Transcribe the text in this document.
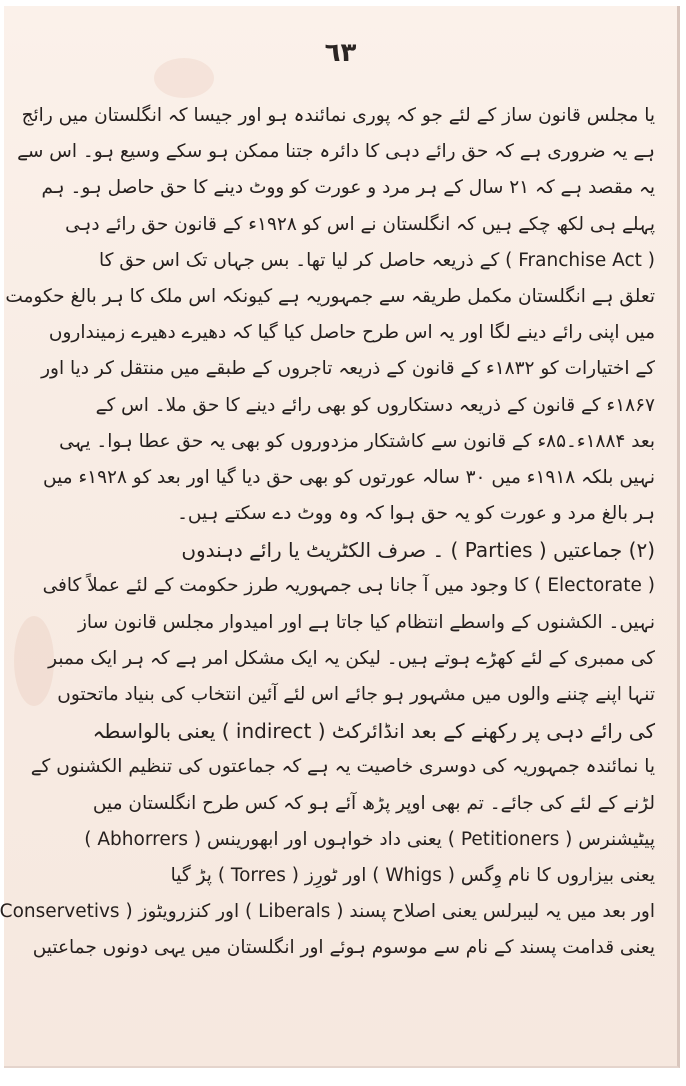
٦٣
یا مجلس قانون ساز کے لئے جو کہ پوری نمائندہ ہو اور جیسا کہ انگلستان میں رائج
ہے یہ ضروری ہے کہ حق رائے دہی کا دائرہ جتنا ممکن ہو سکے وسیع ہو۔ اس سے
یہ مقصد ہے کہ ۲۱ سال کے ہر مرد و عورت کو ووٹ دینے کا حق حاصل ہو۔ ہم
پہلے ہی لکھ چکے ہیں کہ انگلستان نے اس کو ۱۹۲۸ء کے قانون حق رائے دہی
( Franchise Act ) کے ذریعہ حاصل کر لیا تھا۔ بس جہاں تک اس حق کا
تعلق ہے انگلستان مکمل طریقہ سے جمہوریہ ہے کیونکہ اس ملک کا ہر بالغ حکومت
میں اپنی رائے دینے لگا اور یہ اس طرح حاصل کیا گیا کہ دھیرے دھیرے زمینداروں
کے اختیارات کو ۱۸۳۲ء کے قانون کے ذریعہ تاجروں کے طبقے میں منتقل کر دیا اور
۱۸۶۷ء کے قانون کے ذریعہ دستکاروں کو بھی رائے دینے کا حق ملا۔ اس کے
بعد ۱۸۸۴ء۔۸۵ء کے قانون سے کاشتکار مزدوروں کو بھی یہ حق عطا ہوا۔ یہی
نہیں بلکہ ۱۹۱۸ء میں ۳۰ سالہ عورتوں کو بھی حق دیا گیا اور بعد کو ۱۹۲۸ء میں
ہر بالغ مرد و عورت کو یہ حق ہوا کہ وہ ووٹ دے سکتے ہیں۔
(۲) جماعتیں ( Parties ) ۔ صرف الکٹریٹ یا رائے دہندوں
( Electorate ) کا وجود میں آ جانا ہی جمہوریہ طرز حکومت کے لئے عملاً کافی
نہیں۔ الکشنوں کے واسطے انتظام کیا جاتا ہے اور امیدوار مجلس قانون ساز
کی ممبری کے لئے کھڑے ہوتے ہیں۔ لیکن یہ ایک مشکل امر ہے کہ ہر ایک ممبر
تنہا اپنے چننے والوں میں مشہور ہو جائے اس لئے آئین انتخاب کی بنیاد ماتحتوں
کی رائے دہی پر رکھنے کے بعد انڈائرکٹ ( indirect ) یعنی بالواسطہ
یا نمائندہ جمہوریہ کی دوسری خاصیت یہ ہے کہ جماعتوں کی تنظیم الکشنوں کے
لڑنے کے لئے کی جائے۔ تم بھی اوپر پڑھ آئے ہو کہ کس طرح انگلستان میں
پیٹیشنرس ( Petitioners ) یعنی داد خواہوں اور ابھورینس ( Abhorrers )
یعنی بیزاروں کا نام وِگس ( Whigs ) اور ٹورِز ( Torres ) پڑ گیا
اور بعد میں یہ لیبرلس یعنی اصلاح پسند ( Liberals ) اور کنزرویٹوز ( Conservetivs
یعنی قدامت پسند کے نام سے موسوم ہوئے اور انگلستان میں یہی دونوں جماعتیں
